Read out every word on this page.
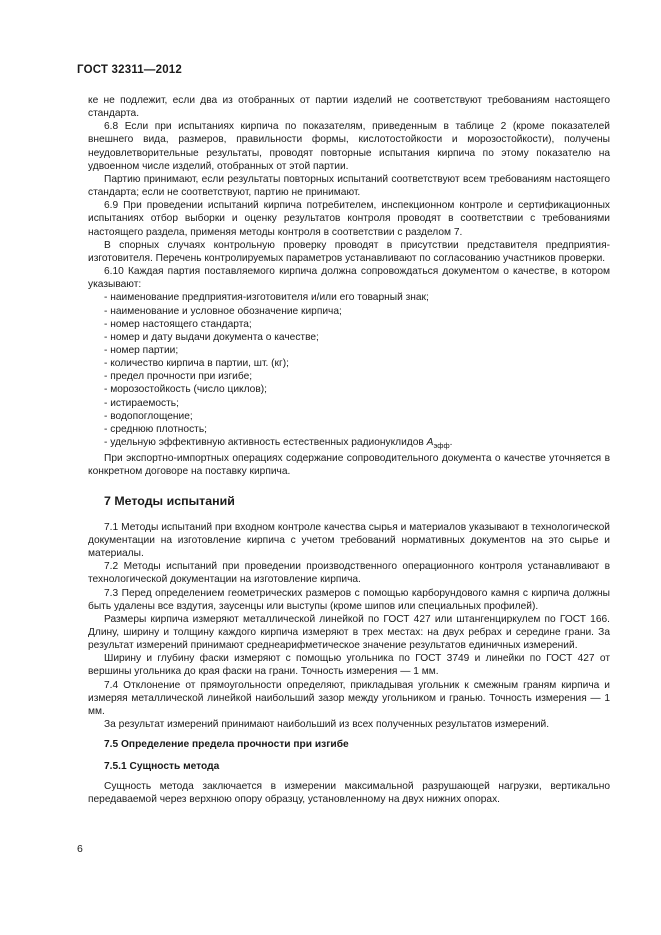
ГОСТ 32311—2012

ке не подлежит, если два из отобранных от партии изделий не соответствуют требованиям настоящего стандарта.

6.8 Если при испытаниях кирпича по показателям, приведенным в таблице 2 (кроме показателей внешнего вида, размеров, правильности формы, кислотостойкости и морозостойкости), получены неудовлетворительные результаты, проводят повторные испытания кирпича по этому показателю на удвоенном числе изделий, отобранных от этой партии.

Партию принимают, если результаты повторных испытаний соответствуют всем требованиям настоящего стандарта; если не соответствуют, партию не принимают.

6.9 При проведении испытаний кирпича потребителем, инспекционном контроле и сертификационных испытаниях отбор выборки и оценку результатов контроля проводят в соответствии с требованиями настоящего раздела, применяя методы контроля в соответствии с разделом 7.

В спорных случаях контрольную проверку проводят в присутствии представителя предприятия-изготовителя. Перечень контролируемых параметров устанавливают по согласованию участников проверки.

6.10 Каждая партия поставляемого кирпича должна сопровождаться документом о качестве, в котором указывают:

- наименование предприятия-изготовителя и/или его товарный знак;
- наименование и условное обозначение кирпича;
- номер настоящего стандарта;
- номер и дату выдачи документа о качестве;
- номер партии;
- количество кирпича в партии, шт. (кг);
- предел прочности при изгибе;
- морозостойкость (число циклов);
- истираемость;
- водопоглощение;
- среднюю плотность;
- удельную эффективную активность естественных радионуклидов $A_{эфф}$.

При экспортно-импортных операциях содержание сопроводительного документа о качестве уточняется в конкретном договоре на поставку кирпича.

7 Методы испытаний

7.1 Методы испытаний при входном контроле качества сырья и материалов указывают в технологической документации на изготовление кирпича с учетом требований нормативных документов на это сырье и материалы.

7.2 Методы испытаний при проведении производственного операционного контроля устанавливают в технологической документации на изготовление кирпича.

7.3 Перед определением геометрических размеров с помощью карборундового камня с кирпича должны быть удалены все вздутия, заусенцы или выступы (кроме шипов или специальных профилей).

Размеры кирпича измеряют металлической линейкой по ГОСТ 427 или штангенциркулем по ГОСТ 166. Длину, ширину и толщину каждого кирпича измеряют в трех местах: на двух ребрах и середине грани. За результат измерений принимают среднеарифметическое значение результатов единичных измерений.

Ширину и глубину фаски измеряют с помощью угольника по ГОСТ 3749 и линейки по ГОСТ 427 от вершины угольника до края фаски на грани. Точность измерения — 1 мм.

7.4 Отклонение от прямоугольности определяют, прикладывая угольник к смежным граням кирпича и измеряя металлической линейкой наибольший зазор между угольником и гранью. Точность измерения — 1 мм.

За результат измерений принимают наибольший из всех полученных результатов измерений.

7.5 Определение предела прочности при изгибе
7.5.1 Сущность метода

Сущность метода заключается в измерении максимальной разрушающей нагрузки, вертикально передаваемой через верхнюю опору образцу, установленному на двух нижних опорах.

6
